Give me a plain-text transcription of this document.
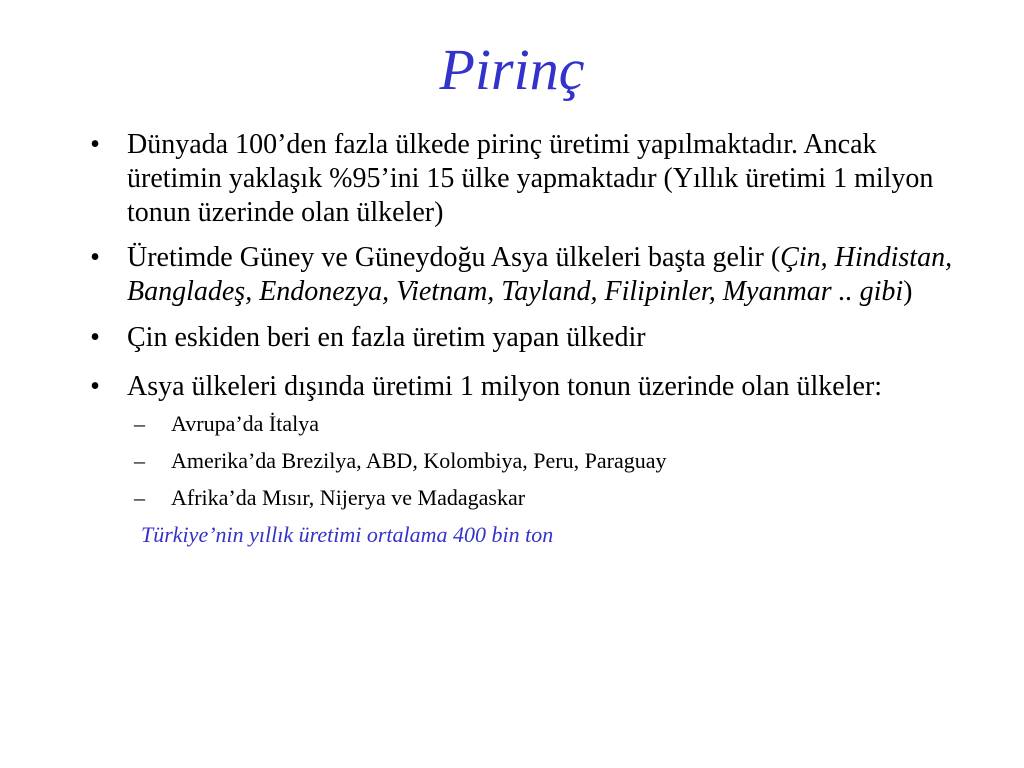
Pirinç
• Dünyada 100’den fazla ülkede pirinç üretimi yapılmaktadır. Ancak üretimin yaklaşık %95’ini 15 ülke yapmaktadır (Yıllık üretimi 1 milyon tonun üzerinde olan ülkeler)
• Üretimde Güney ve Güneydoğu Asya ülkeleri başta gelir (Çin, Hindistan, Bangladeş, Endonezya, Vietnam, Tayland, Filipinler, Myanmar .. gibi)
• Çin eskiden beri en fazla üretim yapan ülkedir
• Asya ülkeleri dışında üretimi 1 milyon tonun üzerinde olan ülkeler:
– Avrupa’da İtalya
– Amerika’da Brezilya, ABD, Kolombiya, Peru, Paraguay
– Afrika’da Mısır, Nijerya ve Madagaskar
Türkiye’nin yıllık üretimi ortalama 400 bin ton
